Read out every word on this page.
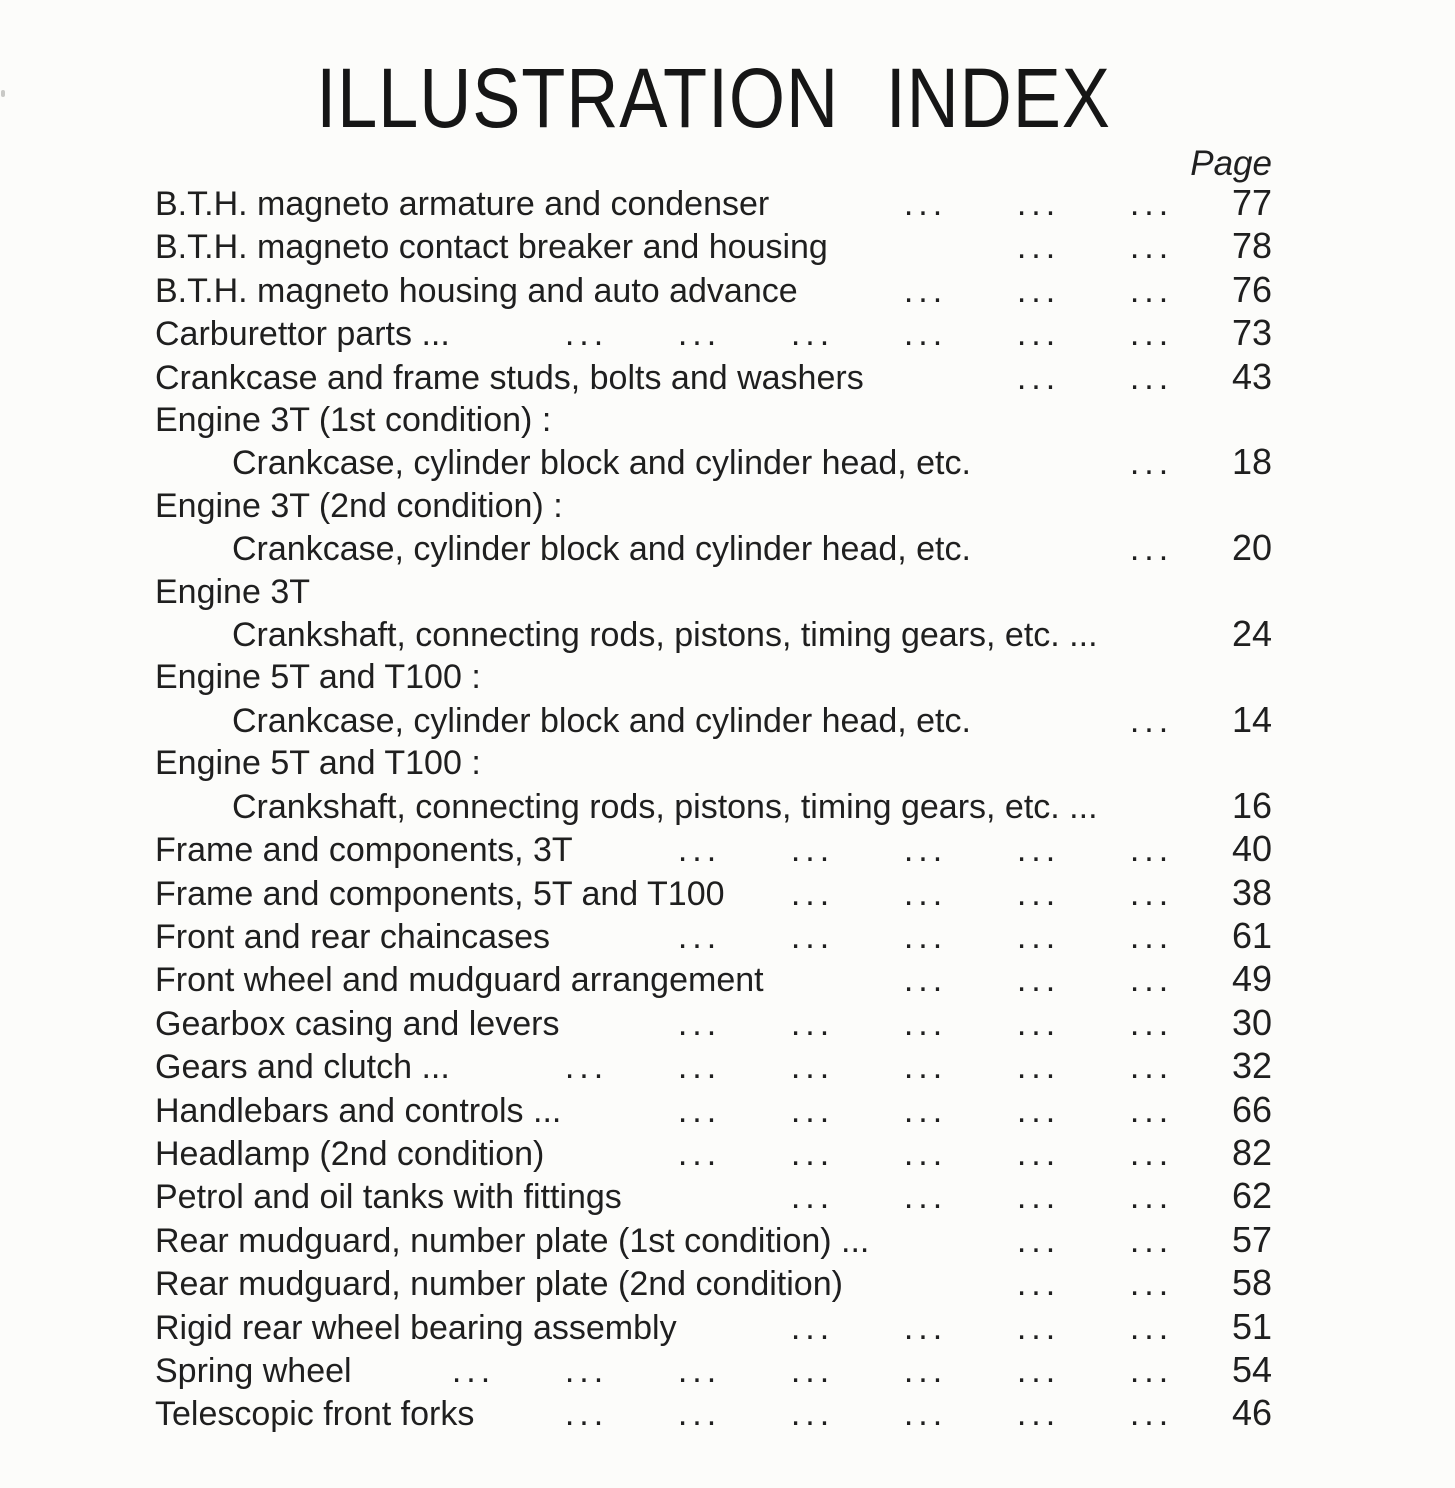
ILLUSTRATION INDEX
Page
B.T.H. magneto armature and condenser	...	...	...	77
B.T.H. magneto contact breaker and housing	...	...	78
B.T.H. magneto housing and auto advance	...	...	...	76
Carburettor parts ...	...	...	...	...	...	...	73
Crankcase and frame studs, bolts and washers	...	...	43
Engine 3T (1st condition) :
Crankcase, cylinder block and cylinder head, etc.	...	18
Engine 3T (2nd condition) :
Crankcase, cylinder block and cylinder head, etc.	...	20
Engine 3T
Crankshaft, connecting rods, pistons, timing gears, etc. ...	24
Engine 5T and T100 :
Crankcase, cylinder block and cylinder head, etc.	...	14
Engine 5T and T100 :
Crankshaft, connecting rods, pistons, timing gears, etc. ...	16
Frame and components, 3T	...	...	...	...	...	40
Frame and components, 5T and T100	...	...	...	...	38
Front and rear chaincases	...	...	...	...	...	61
Front wheel and mudguard arrangement	...	...	...	49
Gearbox casing and levers	...	...	...	...	...	30
Gears and clutch ...	...	...	...	...	...	...	32
Handlebars and controls ...	...	...	...	...	...	66
Headlamp (2nd condition)	...	...	...	...	...	82
Petrol and oil tanks with fittings	...	...	...	...	62
Rear mudguard, number plate (1st condition) ...	...	...	57
Rear mudguard, number plate (2nd condition)	...	...	58
Rigid rear wheel bearing assembly	...	...	...	...	51
Spring wheel	...	...	...	...	...	...	...	54
Telescopic front forks	...	...	...	...	...	...	46
